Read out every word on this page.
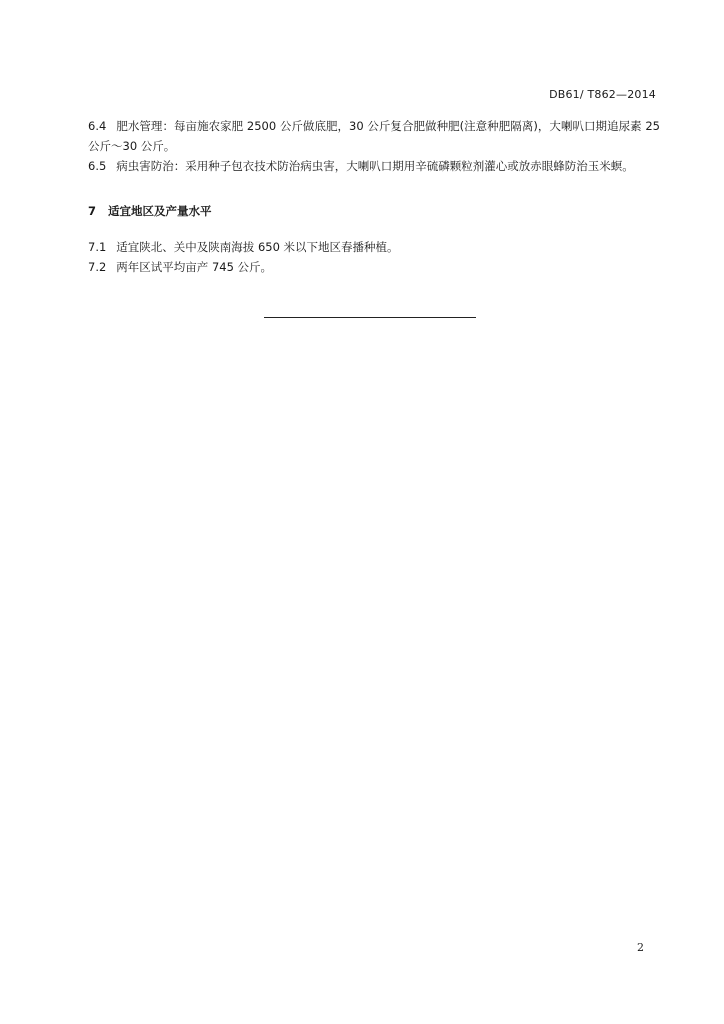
DB61/ T862—2014

6.4 肥水管理：每亩施农家肥 2500 公斤做底肥，30 公斤复合肥做种肥(注意种肥隔离)，大喇叭口期追尿素 25 公斤～30 公斤。

6.5 病虫害防治：采用种子包衣技术防治病虫害，大喇叭口期用辛硫磷颗粒剂灌心或放赤眼蜂防治玉米螟。

7 适宜地区及产量水平

7.1 适宜陕北、关中及陕南海拔 650 米以下地区春播种植。

7.2 两年区试平均亩产 745 公斤。

2
